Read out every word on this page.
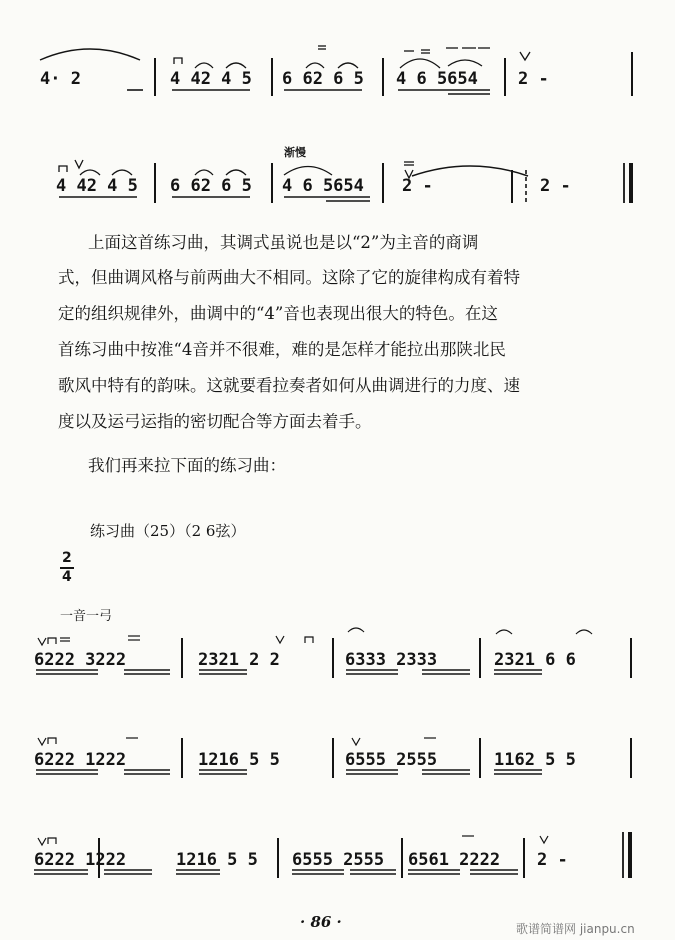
4· 2	4 42 4 5 6 62 6 5 4 6 5654 2 -
渐慢
4 42 4 5 6 62 6 5 4 6 5654 2 -	2 -
上面这首练习曲，其调式虽说也是以“2”为主音的商调
式，但曲调风格与前两曲大不相同。这除了它的旋律构成有着特
定的组织规律外，曲调中的“4”音也表现出很大的特色。在这
首练习曲中按准“4音并不很难，难的是怎样才能拉出那陕北民
歌风中特有的韵味。这就要看拉奏者如何从曲调进行的力度、速
度以及运弓运指的密切配合等方面去着手。
我们再来拉下面的练习曲：
练习曲（25）（2 6弦）
2
4
一音一弓
6222 3222	2321 2 2	6333 2333	2321 6 6
6222 1222	1216 5 5	6555 2555	1162 5 5
6222 1222	1216 5 5 6555 2555 6561 2222 2 -
· 86 ·	歌谱简谱网 jianpu.cn
